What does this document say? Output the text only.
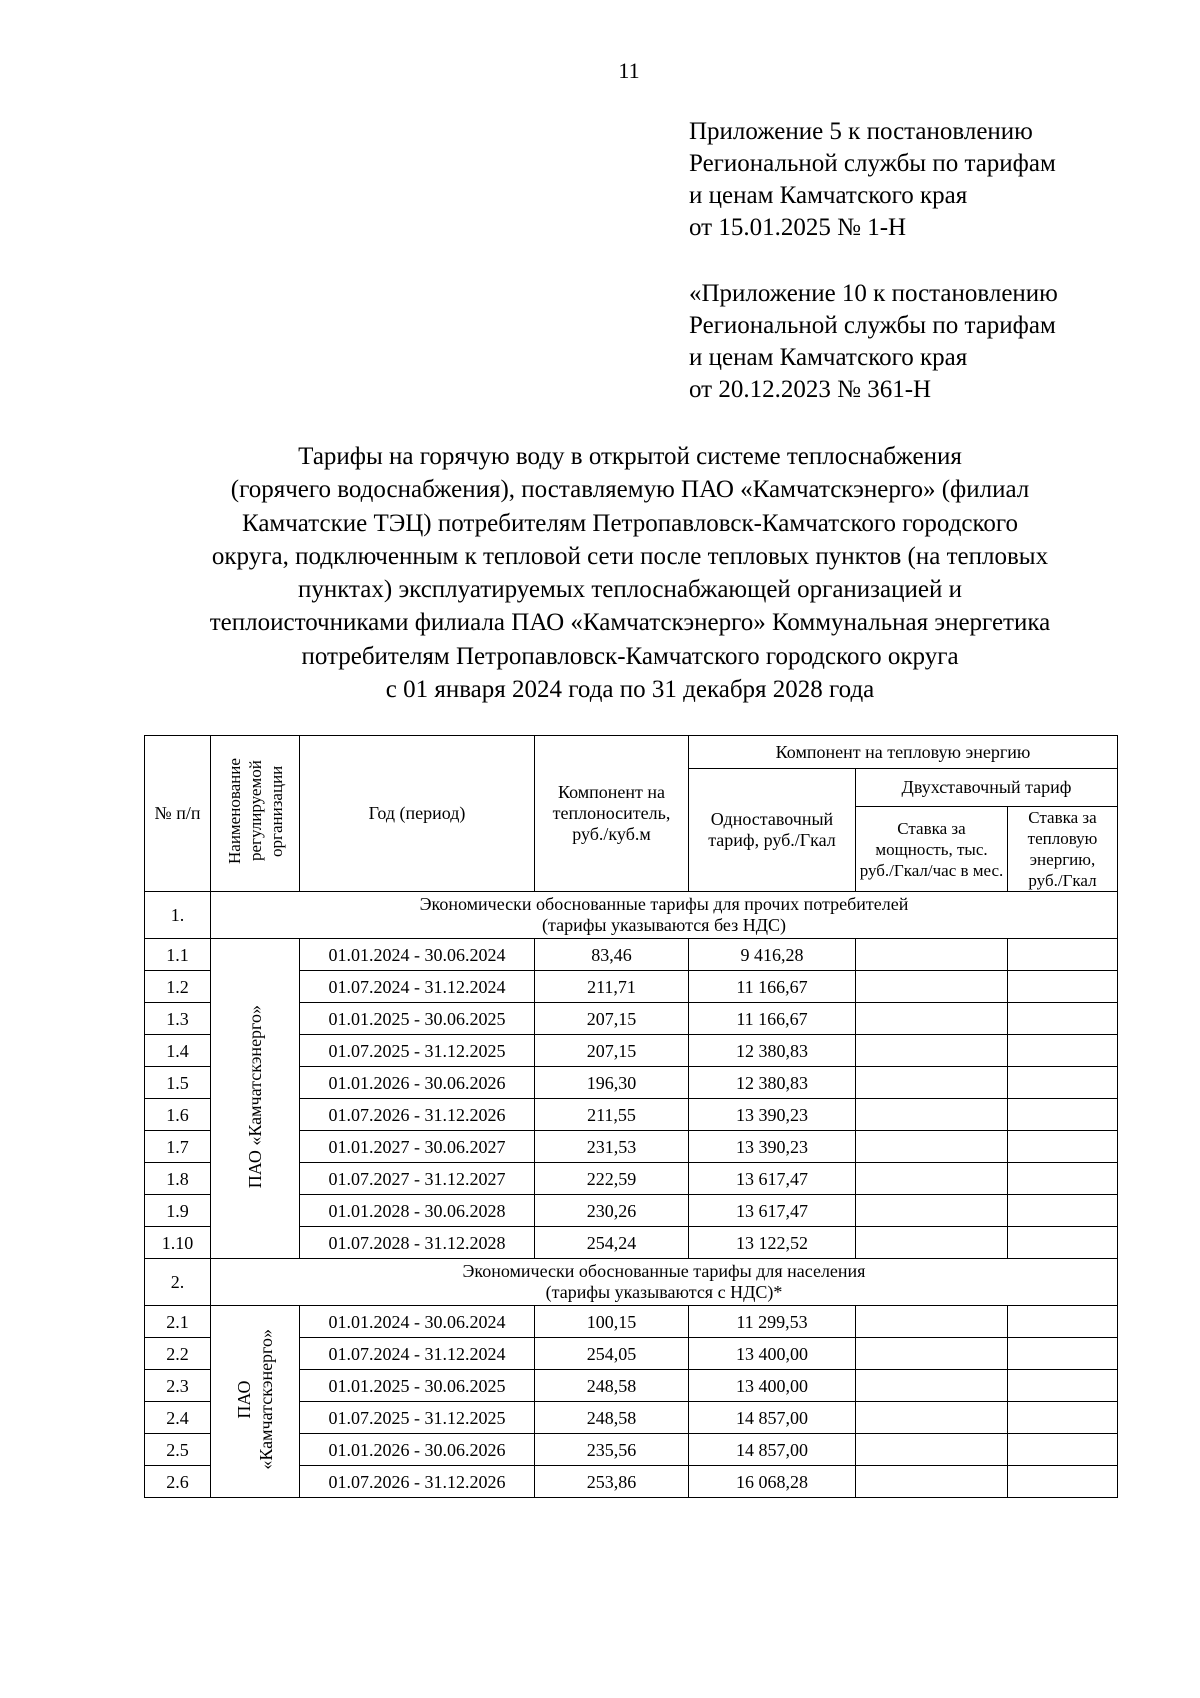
11
Приложение 5 к постановлению
Региональной службы по тарифам
и ценам Камчатского края
от 15.01.2025 № 1-Н
«Приложение 10 к постановлению
Региональной службы по тарифам
и ценам Камчатского края
от 20.12.2023 № 361-Н
Тарифы на горячую воду в открытой системе теплоснабжения
(горячего водоснабжения), поставляемую ПАО «Камчатскэнерго» (филиал
Камчатские ТЭЦ) потребителям Петропавловск-Камчатского городского
округа, подключенным к тепловой сети после тепловых пунктов (на тепловых
пунктах) эксплуатируемых теплоснабжающей организацией и
теплоисточниками филиала ПАО «Камчатскэнерго» Коммунальная энергетика
потребителям Петропавловск-Камчатского городского округа
с 01 января 2024 года по 31 декабря 2028 года
№ п/п	Наименование регулируемой организации	Год (период)	Компонент на теплоноситель, руб./куб.м	Компонент на тепловую энергию		
				Одноставочный тариф, руб./Гкал	Двухставочный тариф	
					Ставка за мощность, тыс. руб./Гкал/час в мес.	Ставка за тепловую энергию, руб./Гкал
1.	Экономически обоснованные тарифы для прочих потребителей
(тарифы указываются без НДС)					

1.1	ПАО «Камчатскэнерго»	01.01.2024 - 30.06.2024	83,46	9 416,28		
1.2		01.07.2024 - 31.12.2024	211,71	11 166,67		
1.3		01.01.2025 - 30.06.2025	207,15	11 166,67		
1.4		01.07.2025 - 31.12.2025	207,15	12 380,83		
1.5		01.01.2026 - 30.06.2026	196,30	12 380,83		
1.6		01.07.2026 - 31.12.2026	211,55	13 390,23		
1.7		01.01.2027 - 30.06.2027	231,53	13 390,23		
1.8		01.07.2027 - 31.12.2027	222,59	13 617,47		
1.9		01.01.2028 - 30.06.2028	230,26	13 617,47		
1.10		01.07.2028 - 31.12.2028	254,24	13 122,52		
2.	Экономически обоснованные тарифы для населения
(тарифы указываются с НДС)*					

2.1	ПАО «Камчатскэнерго»	01.01.2024 - 30.06.2024	100,15	11 299,53		
2.2		01.07.2024 - 31.12.2024	254,05	13 400,00		
2.3		01.01.2025 - 30.06.2025	248,58	13 400,00		
2.4		01.07.2025 - 31.12.2025	248,58	14 857,00		
2.5		01.01.2026 - 30.06.2026	235,56	14 857,00		
2.6		01.07.2026 - 31.12.2026	253,86	16 068,28		
